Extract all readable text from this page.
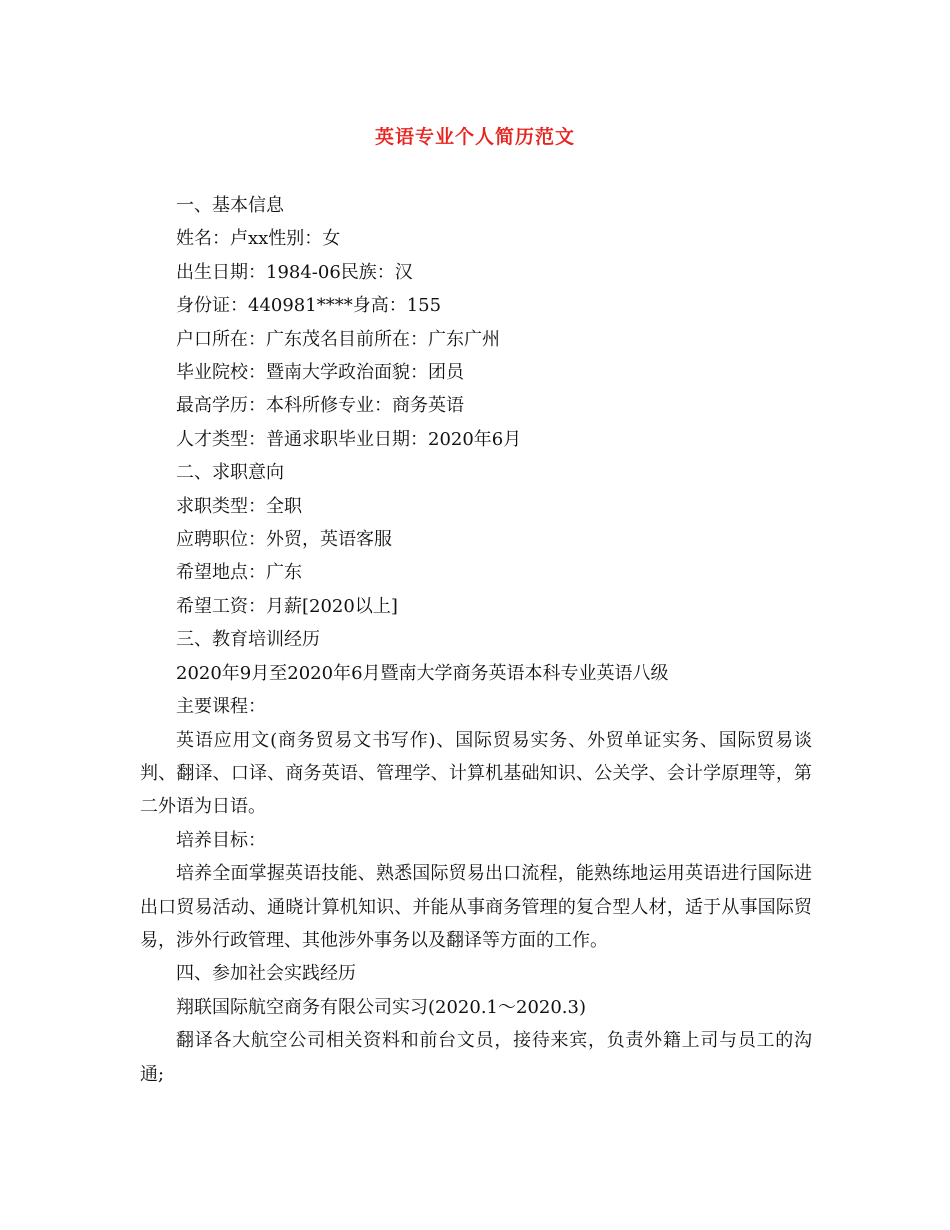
英语专业个人简历范文
一、基本信息
姓名：卢xx性别：女
出生日期：1984-06民族：汉
身份证：440981****身高：155
户口所在：广东茂名目前所在：广东广州
毕业院校：暨南大学政治面貌：团员
最高学历：本科所修专业：商务英语
人才类型：普通求职毕业日期：2020年6月
二、求职意向
求职类型：全职
应聘职位：外贸，英语客服
希望地点：广东
希望工资：月薪[2020以上]
三、教育培训经历
2020年9月至2020年6月暨南大学商务英语本科专业英语八级
主要课程：
英语应用文(商务贸易文书写作)、国际贸易实务、外贸单证实务、国际贸易谈判、翻译、口译、商务英语、管理学、计算机基础知识、公关学、会计学原理等，第二外语为日语。
培养目标：
培养全面掌握英语技能、熟悉国际贸易出口流程，能熟练地运用英语进行国际进出口贸易活动、通晓计算机知识、并能从事商务管理的复合型人材，适于从事国际贸易，涉外行政管理、其他涉外事务以及翻译等方面的工作。
四、参加社会实践经历
翔联国际航空商务有限公司实习(2020.1～2020.3)
翻译各大航空公司相关资料和前台文员，接待来宾，负责外籍上司与员工的沟通;
